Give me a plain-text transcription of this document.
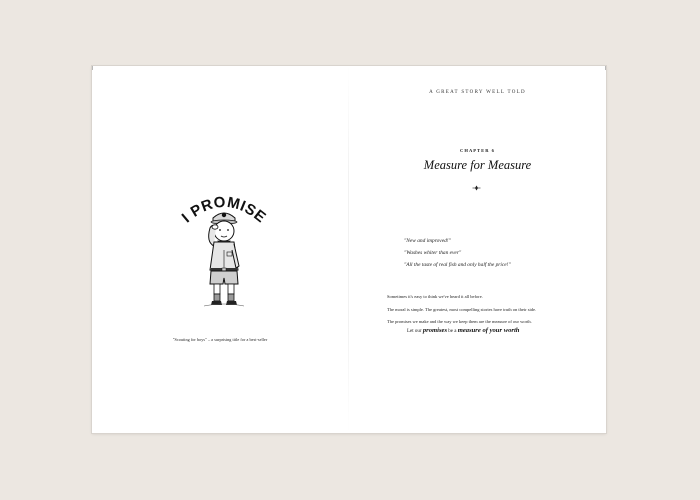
I PROMISE
"Scouting for boys" – a surprising title for a best-seller
A GREAT STORY WELL TOLD
CHAPTER 6
Measure for Measure
"New and improved!"
"Washes whiter than ever"
"All the taste of real fish and only half the price!"
Sometimes it's easy to think we've heard it all before.
The moral is simple. The greatest, most compelling stories have truth on their side.
The promises we make and the way we keep them are the measure of our worth.
Let our promises be a measure of your worth
